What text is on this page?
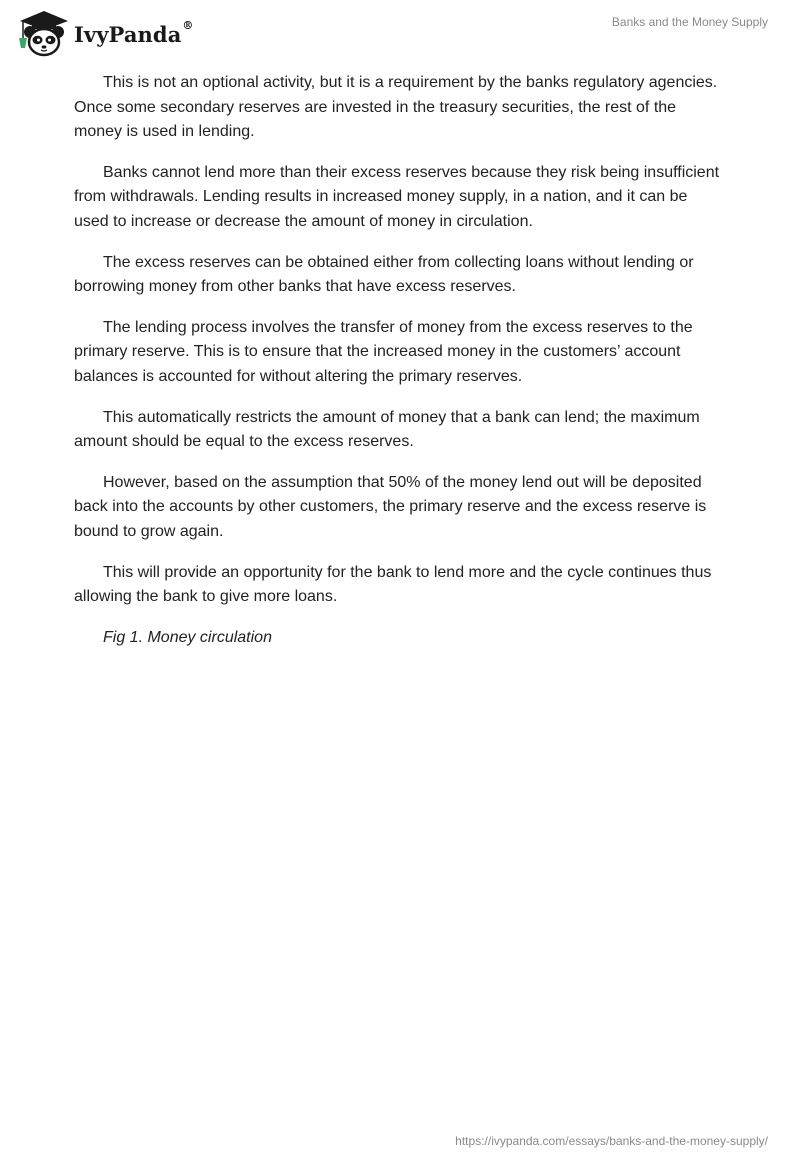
IvyPanda®	Banks and the Money Supply

This is not an optional activity, but it is a requirement by the banks regulatory agencies. Once some secondary reserves are invested in the treasury securities, the rest of the money is used in lending.

Banks cannot lend more than their excess reserves because they risk being insufficient from withdrawals. Lending results in increased money supply, in a nation, and it can be used to increase or decrease the amount of money in circulation.

The excess reserves can be obtained either from collecting loans without lending or borrowing money from other banks that have excess reserves.

The lending process involves the transfer of money from the excess reserves to the primary reserve. This is to ensure that the increased money in the customers’ account balances is accounted for without altering the primary reserves.

This automatically restricts the amount of money that a bank can lend; the maximum amount should be equal to the excess reserves.

However, based on the assumption that 50% of the money lend out will be deposited back into the accounts by other customers, the primary reserve and the excess reserve is bound to grow again.

This will provide an opportunity for the bank to lend more and the cycle continues thus allowing the bank to give more loans.

Fig 1. Money circulation

https://ivypanda.com/essays/banks-and-the-money-supply/
